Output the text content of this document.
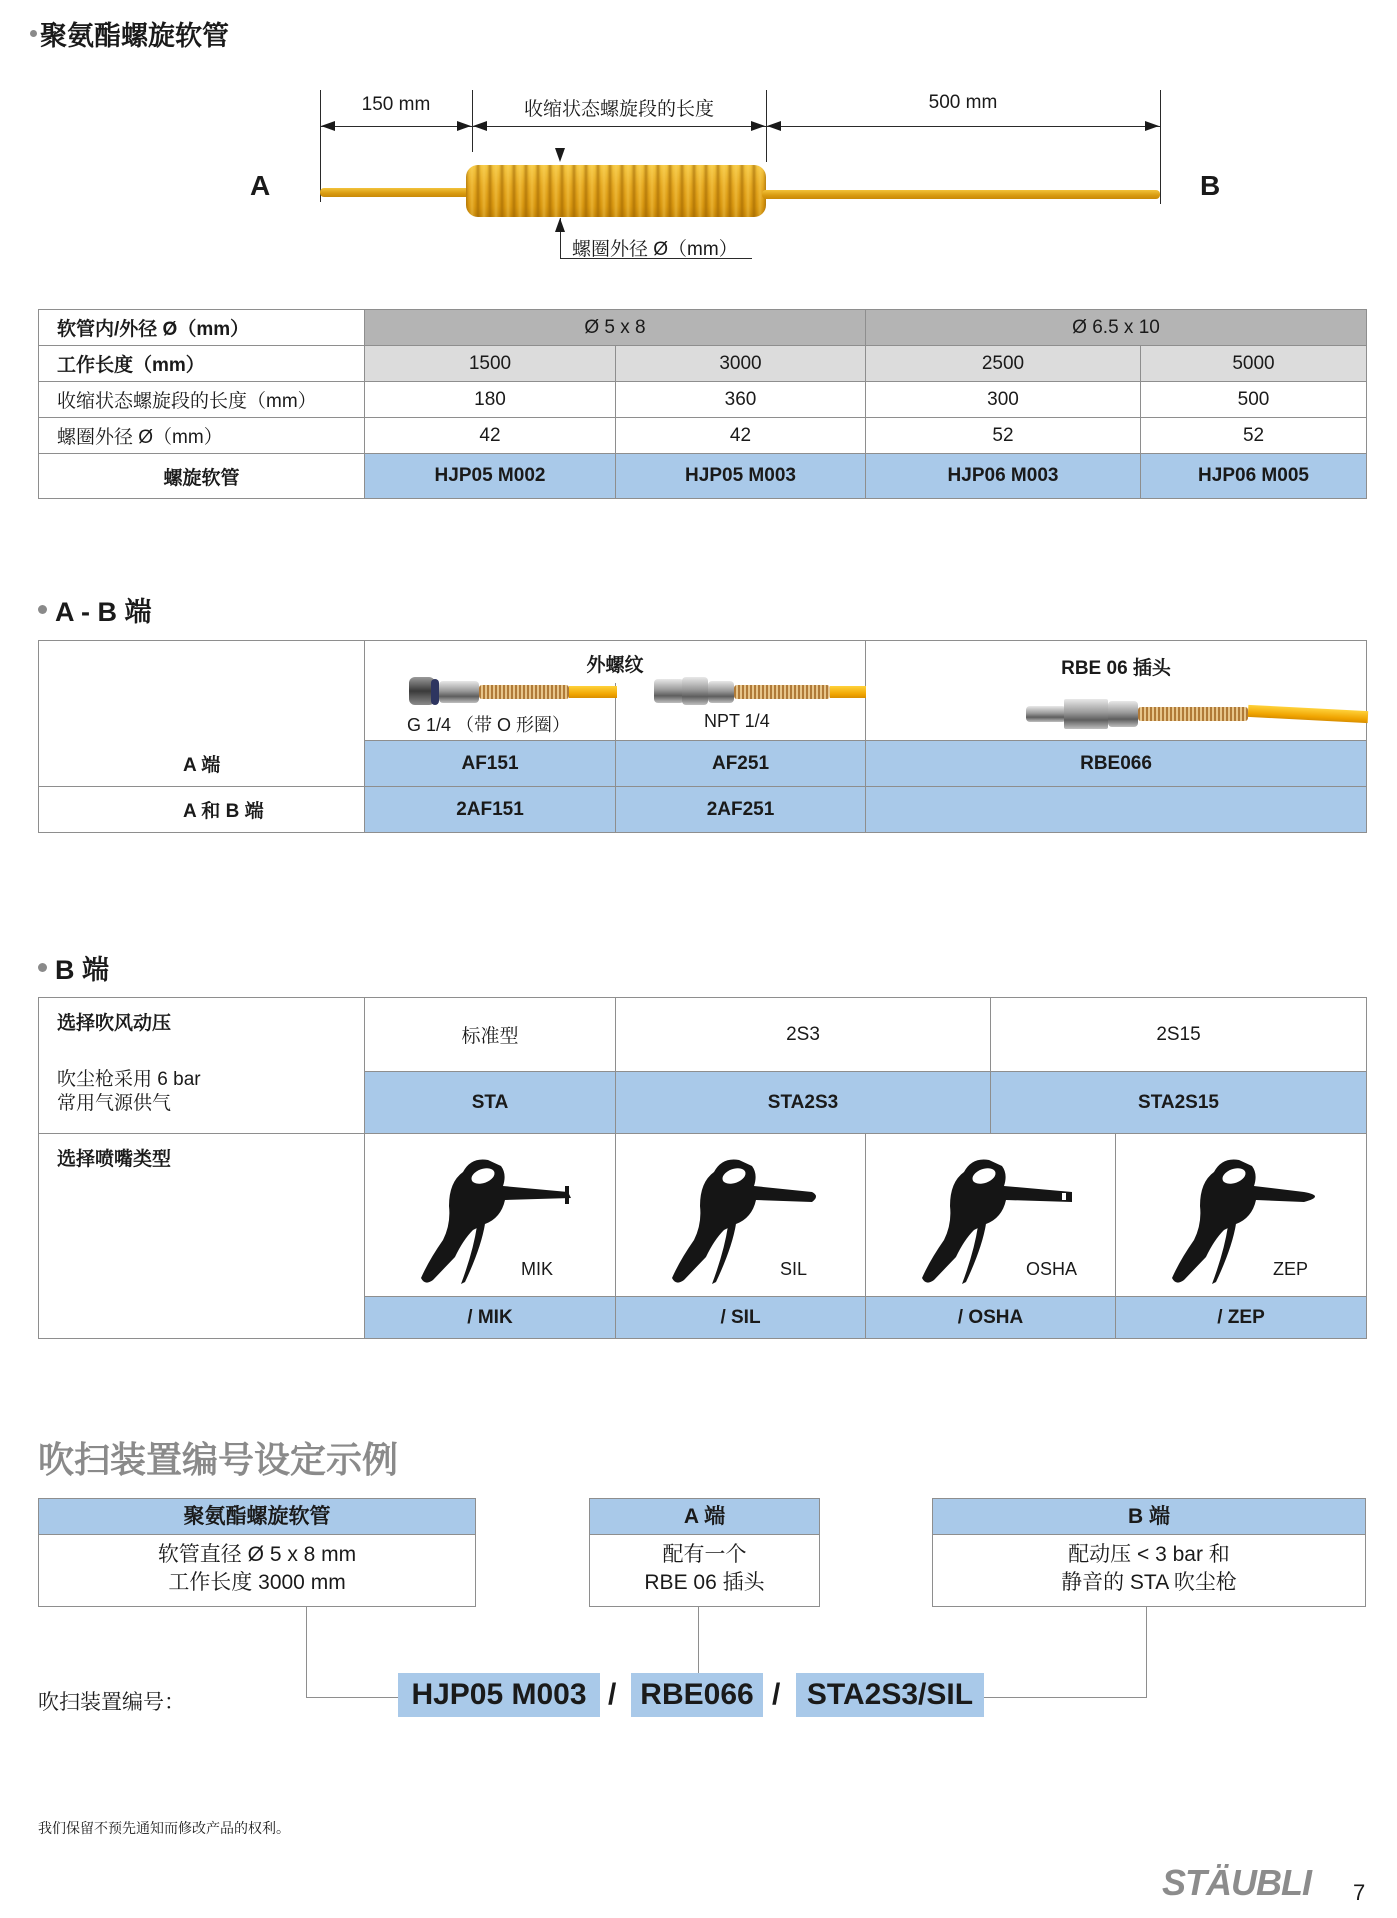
聚氨酯螺旋软管
A	B
150 mm	收缩状态螺旋段的长度	500 mm
螺圈外径 Ø（mm）
软管内/外径 Ø（mm）	Ø 5 x 8		Ø 6.5 x 10	
工作长度（mm）	1500	3000	2500	5000
收缩状态螺旋段的长度（mm）	180	360	300	500
螺圈外径 Ø（mm）	42	42	52	52
螺旋软管	HJP05 M002	HJP05 M003	HJP06 M003	HJP06 M005
A - B 端
	外螺纹		RBE 06 插头

	G 1/4 （带 O 形圈）	NPT 1/4	

A 端	AF151	AF251	RBE066

A 和 B 端	2AF151	2AF251	
B 端
选择吹风动压
吹尘枪采用 6 bar
常用气源供气	标准型	2S3	2S15
	STA	STA2S3	STA2S15
选择喷嘴类型	MIK	SIL	OSHA	ZEP

	/ MIK	/ SIL	/ OSHA	/ ZEP
吹扫装置编号设定示例
聚氨酯螺旋软管
软管直径 Ø 5 x 8 mm
工作长度 3000 mm
A 端
配有一个
RBE 06 插头
B 端
配动压 < 3 bar 和
静音的 STA 吹尘枪
吹扫装置编号：	HJP05 M003 / RBE066 / STA2S3/SIL
我们保留不预先通知而修改产品的权利。
STÄUBLI 7
